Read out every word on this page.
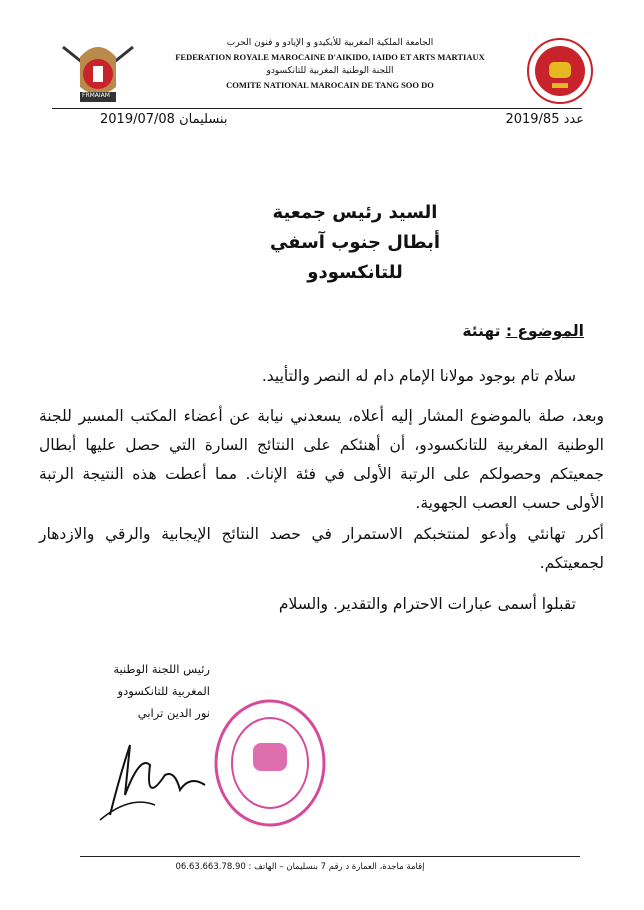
FRMAIAM
الجامعة الملكية المغربية للأيكيدو و الإيادو و فنون الحرب
FEDERATION ROYALE MAROCAINE D'AIKIDO, IAIDO ET ARTS MARTIAUX
اللجنة الوطنية المغربية للتانكسودو
COMITE NATIONAL MAROCAIN DE TANG SOO DO
عدد 2019/85
بنسليمان 2019/07/08
السيد رئيس جمعية
أبطال جنوب آسفي للتانكسودو
الموضوع : تهنئة
سلام تام بوجود مولانا الإمام دام له النصر والتأييد.
وبعد، صلة بالموضوع المشار إليه أعلاه، يسعدني نيابة عن أعضاء المكتب المسير للجنة الوطنية المغربية للتانكسودو، أن أهنئكم على النتائج السارة التي حصل عليها أبطال جمعيتكم وحصولكم على الرتبة الأولى في فئة الإناث. مما أعطت هذه النتيجة الرتبة الأولى حسب العصب الجهوية.
أكرر تهانئي وأدعو لمنتخبكم الاستمرار في حصد النتائج الإيجابية والرقي والازدهار لجمعيتكم.
تقبلوا أسمى عبارات الاحترام والتقدير. والسلام
رئيس اللجنة الوطنية
المغربية للتانكسودو
نور الدين ترابي
إقامة ماجدة، العمارة د رقم 7 بنسليمان – الهاتف : 06.63.663.78.90
